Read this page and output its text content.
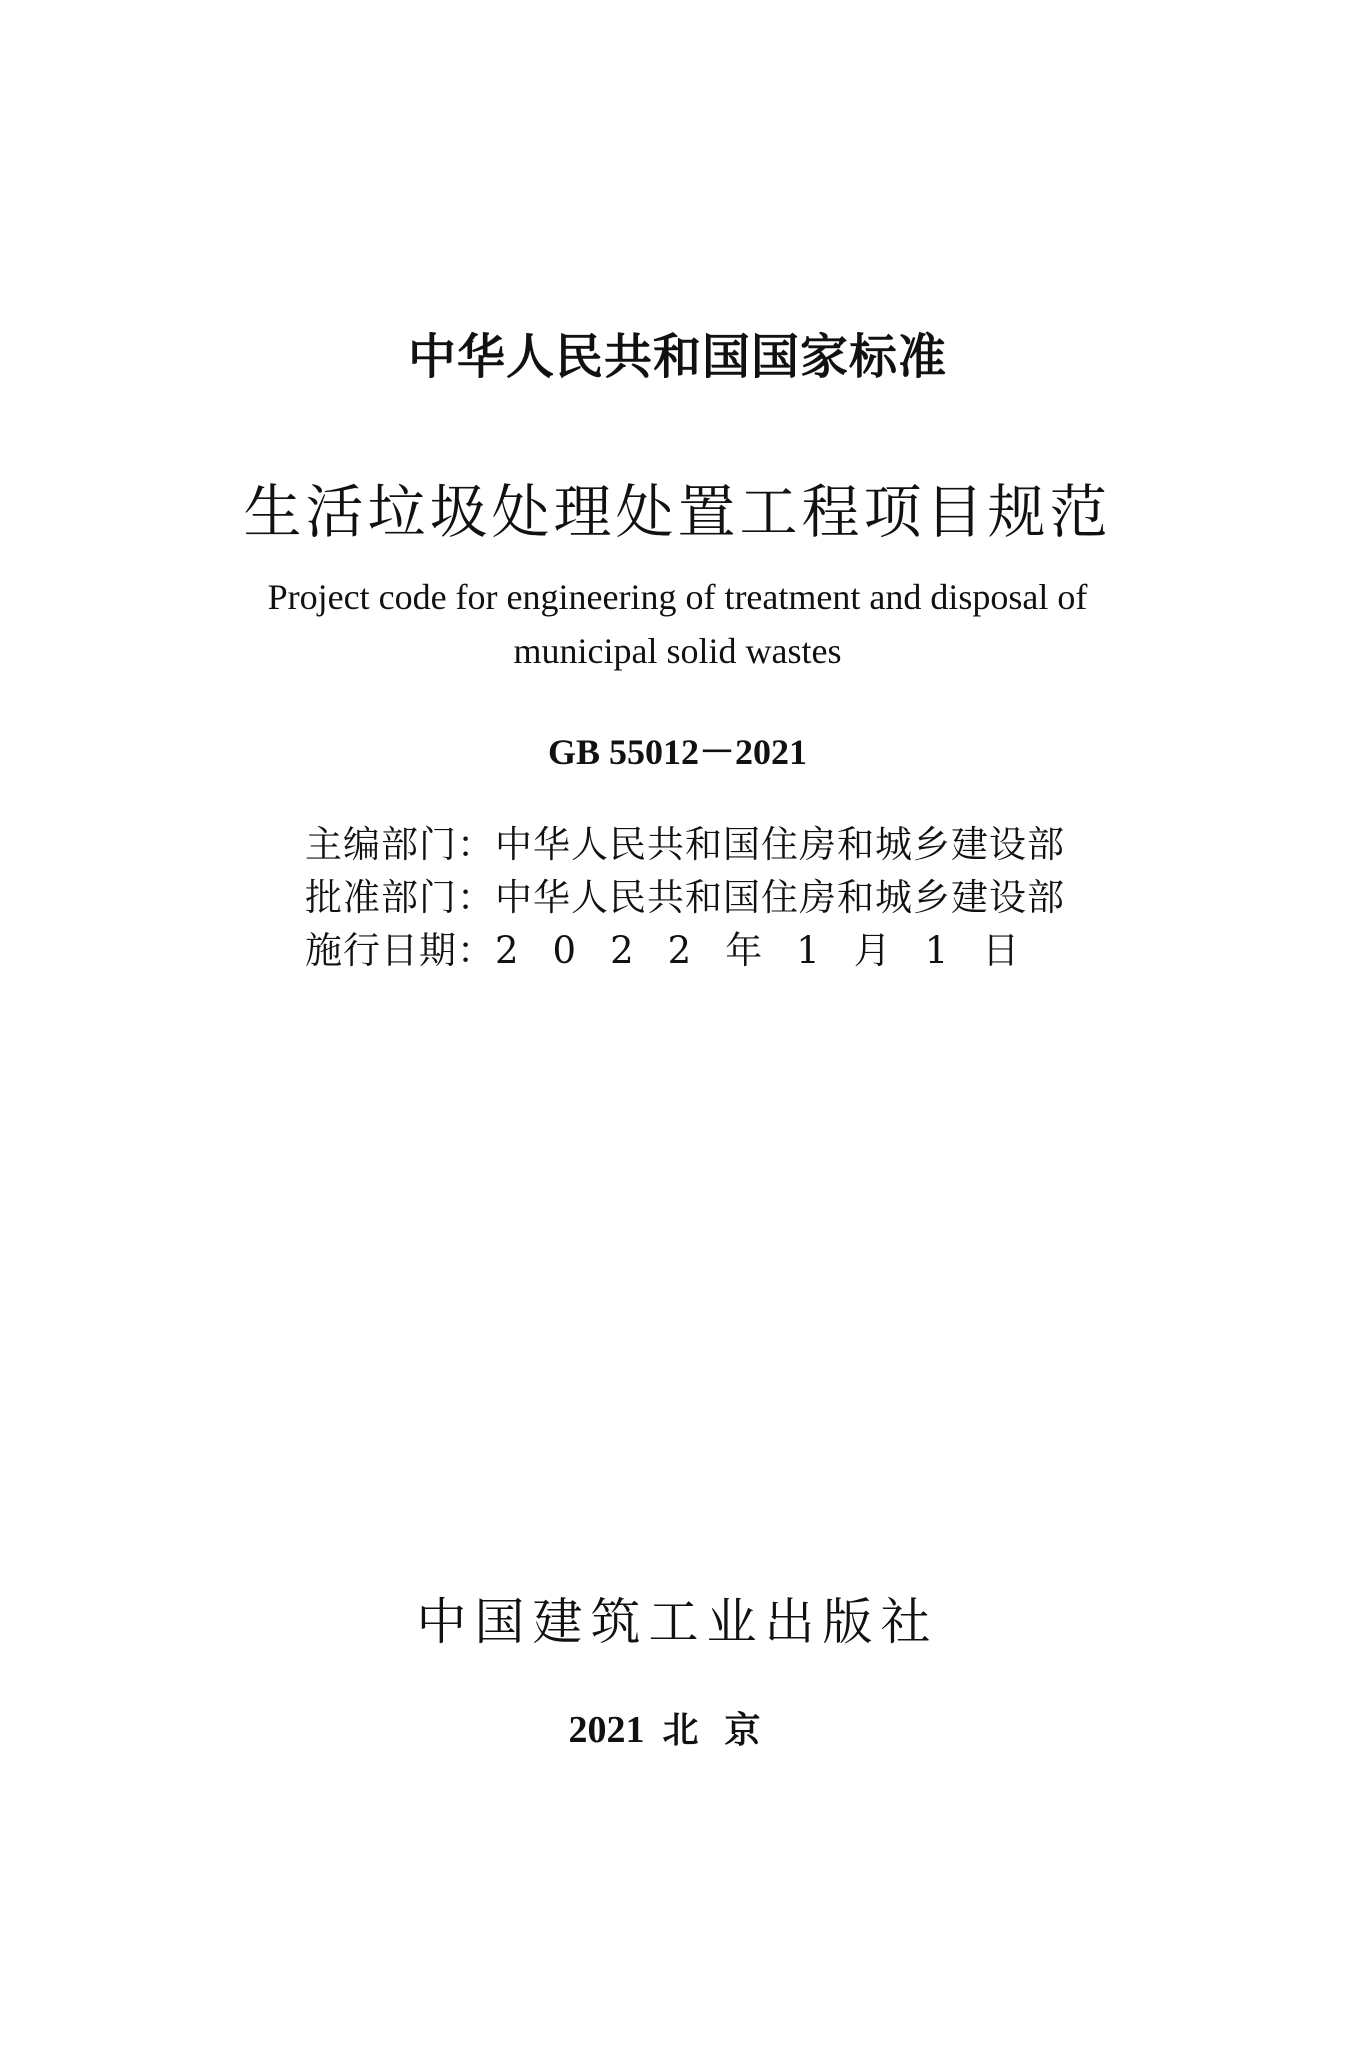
中华人民共和国国家标准
生活垃圾处理处置工程项目规范
Project code for engineering of treatment and disposal of
municipal solid wastes
GB 55012－2021
主编部门： 中华人民共和国住房和城乡建设部
批准部门： 中华人民共和国住房和城乡建设部
施行日期： 2 0 2 2 年 1 月 1 日
中国建筑工业出版社
2021 北京
